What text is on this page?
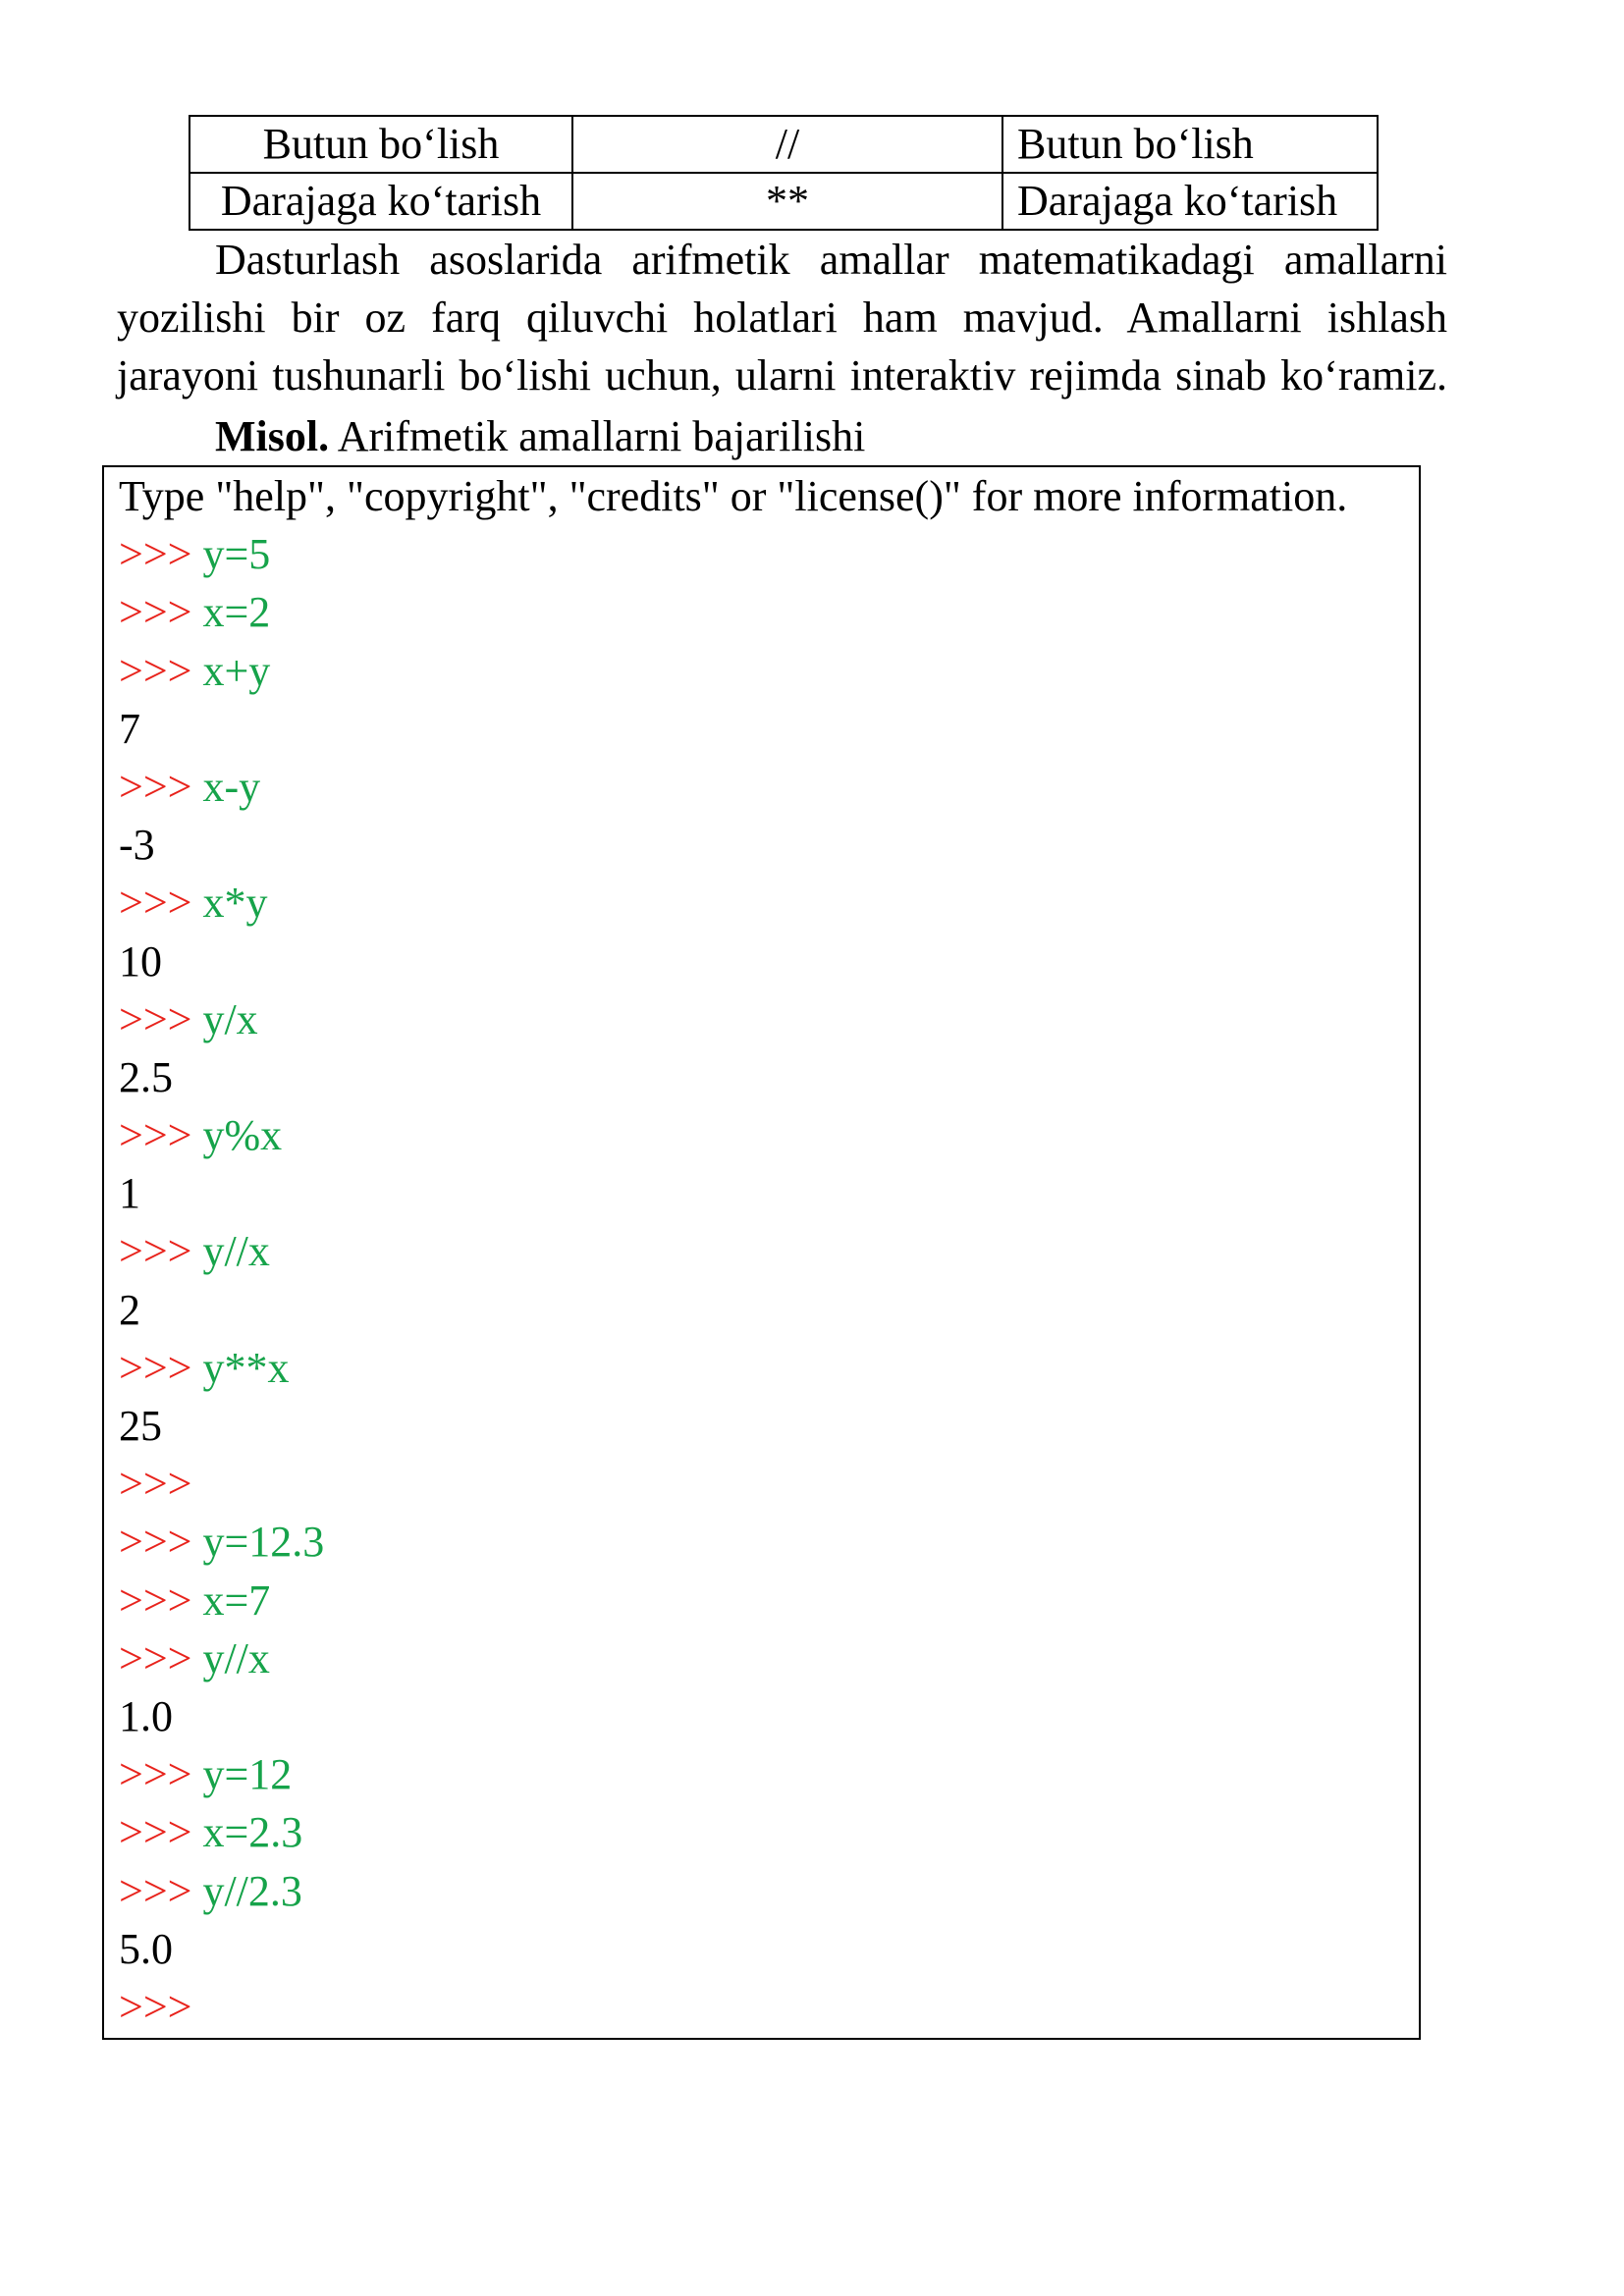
Butun bo‘lish	//	Butun bo‘lish
Darajaga ko‘tarish	**	Darajaga ko‘tarish
Dasturlash asoslarida arifmetik amallar matematikadagi amallarni
yozilishi bir oz farq qiluvchi holatlari ham mavjud. Amallarni ishlash
jarayoni tushunarli bo‘lishi uchun, ularni interaktiv rejimda sinab ko‘ramiz.

Misol. Arifmetik amallarni bajarilishi

Type "help", "copyright", "credits" or "license()" for more information.
>>> y=5
>>> x=2
>>> x+y
7
>>> x-y
-3
>>> x*y
10
>>> y/x
2.5
>>> y%x
1
>>> y//x
2
>>> y**x
25
>>>
>>> y=12.3
>>> x=7
>>> y//x
1.0
>>> y=12
>>> x=2.3
>>> y//2.3
5.0
>>>
